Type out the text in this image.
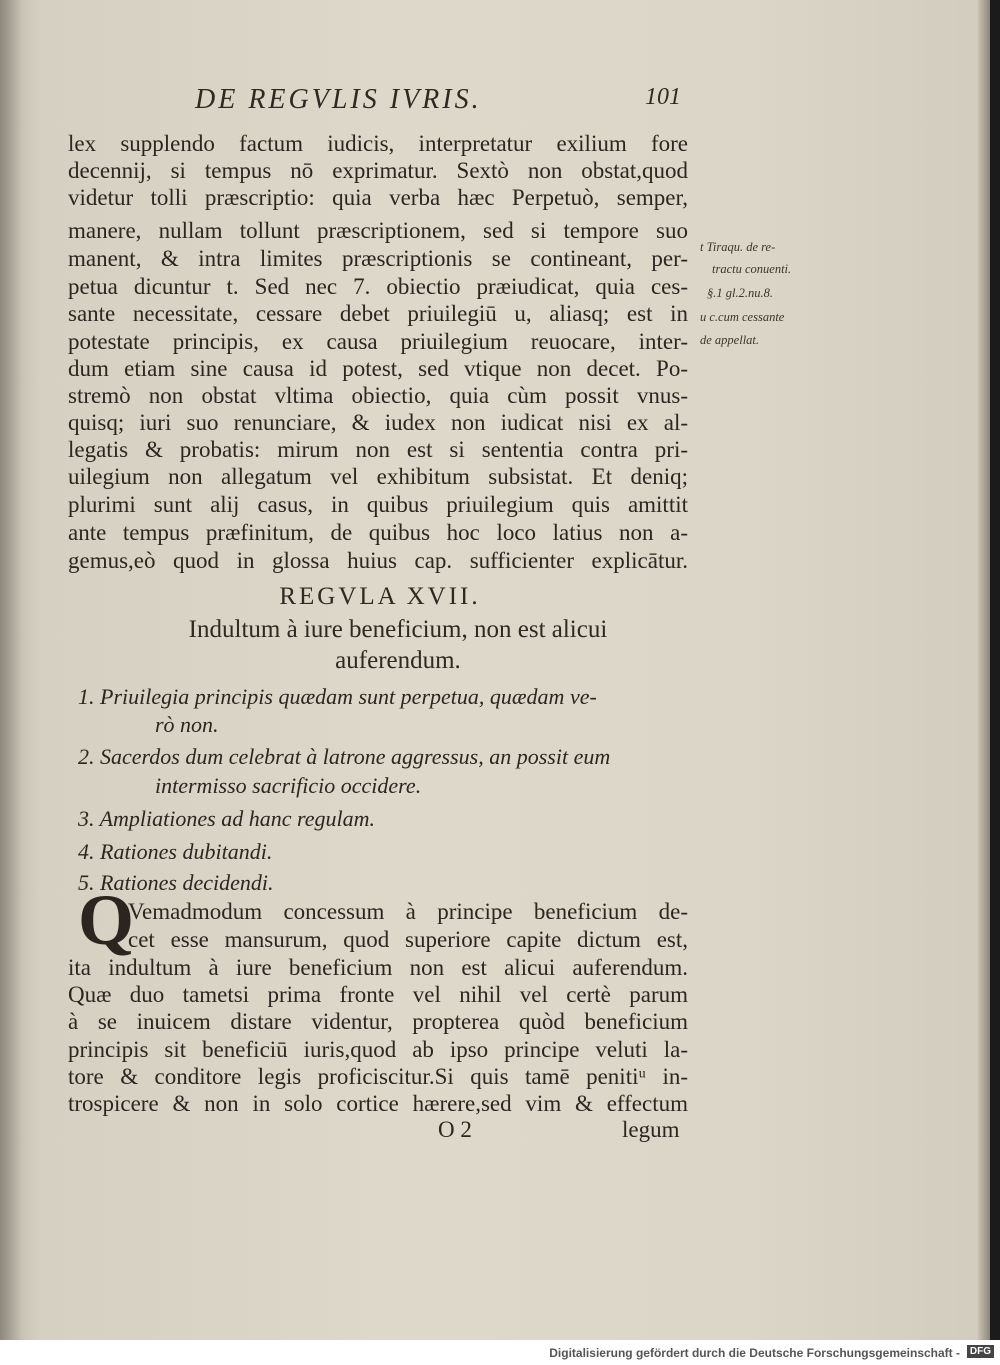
DE REGVLIS IVRIS.	101
lex supplendo factum iudicis, interpretatur exilium fore
decennij, si tempus nō exprimatur. Sextò non obstat,quod
videtur tolli præscriptio: quia verba hæc Perpetuò, semper,
manere, nullam tollunt præscriptionem, sed si tempore suo
manent, & intra limites præscriptionis se contineant, per-
petua dicuntur t. Sed nec 7. obiectio præiudicat, quia ces-
sante necessitate, cessare debet priuilegiū u, aliasq; est in
potestate principis, ex causa priuilegium reuocare, inter-
dum etiam sine causa id potest, sed vtique non decet. Po-
stremò non obstat vltima obiectio, quia cùm possit vnus-
quisq; iuri suo renunciare, & iudex non iudicat nisi ex al-
legatis & probatis: mirum non est si sententia contra pri-
uilegium non allegatum vel exhibitum subsistat. Et deniq;
plurimi sunt alij casus, in quibus priuilegium quis amittit
ante tempus præfinitum, de quibus hoc loco latius non a-
gemus,eò quod in glossa huius cap. sufficienter explicātur.
t Tiraqu. de re-
tractu conuenti.
§.1 gl.2.nu.8.
u c.cum cessante
de appellat.
REGVLA XVII.
Indultum à iure beneficium, non est alicui
auferendum.
1. Priuilegia principis quædam sunt perpetua, quædam ve-
rò non.
2. Sacerdos dum celebrat à latrone aggressus, an possit eum
intermisso sacrificio occidere.
3. Ampliationes ad hanc regulam.
4. Rationes dubitandi.
5. Rationes decidendi.
Q
Vemadmodum concessum à principe beneficium de-
cet esse mansurum, quod superiore capite dictum est,
ita indultum à iure beneficium non est alicui auferendum.
Quæ duo tametsi prima fronte vel nihil vel certè parum
à se inuicem distare videntur, propterea quòd beneficium
principis sit beneficiū iuris,quod ab ipso principe veluti la-
tore & conditore legis proficiscitur.Si quis tamē penitiᵘ in-
trospicere & non in solo cortice hærere,sed vim & effectum
O 2	legum
Digitalisierung gefördert durch die Deutsche Forschungsgemeinschaft - DFG
